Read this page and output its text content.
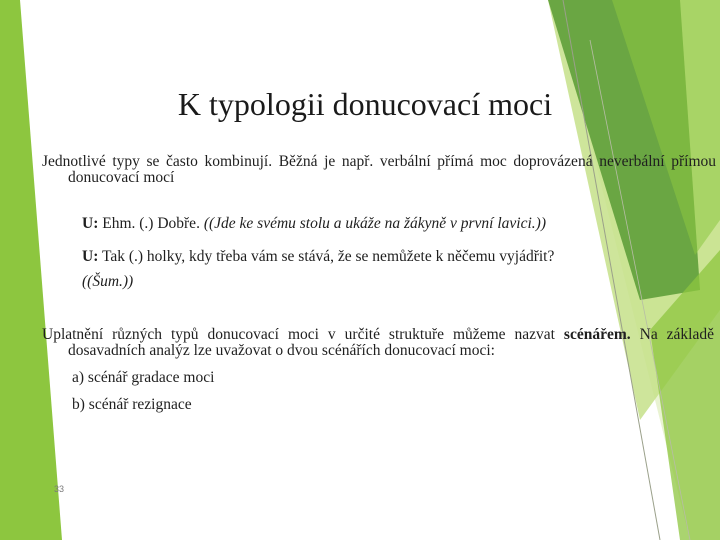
K typologii donucovací moci
Jednotlivé typy se často kombinují. Běžná je např. verbální přímá moc doprovázená neverbální přímou donucovací mocí
U: Ehm. (.) Dobře. ((Jde ke svému stolu a ukáže na žákyně v první lavici.))
U: Tak (.) holky, kdy třeba vám se stává, že se nemůžete k něčemu vyjádřit?
((Šum.))
Uplatnění různých typů donucovací moci v určité struktuře můžeme nazvat scénářem. Na základě dosavadních analýz lze uvažovat o dvou scénářích donucovací moci:
a) scénář gradace moci
b) scénář rezignace
33
